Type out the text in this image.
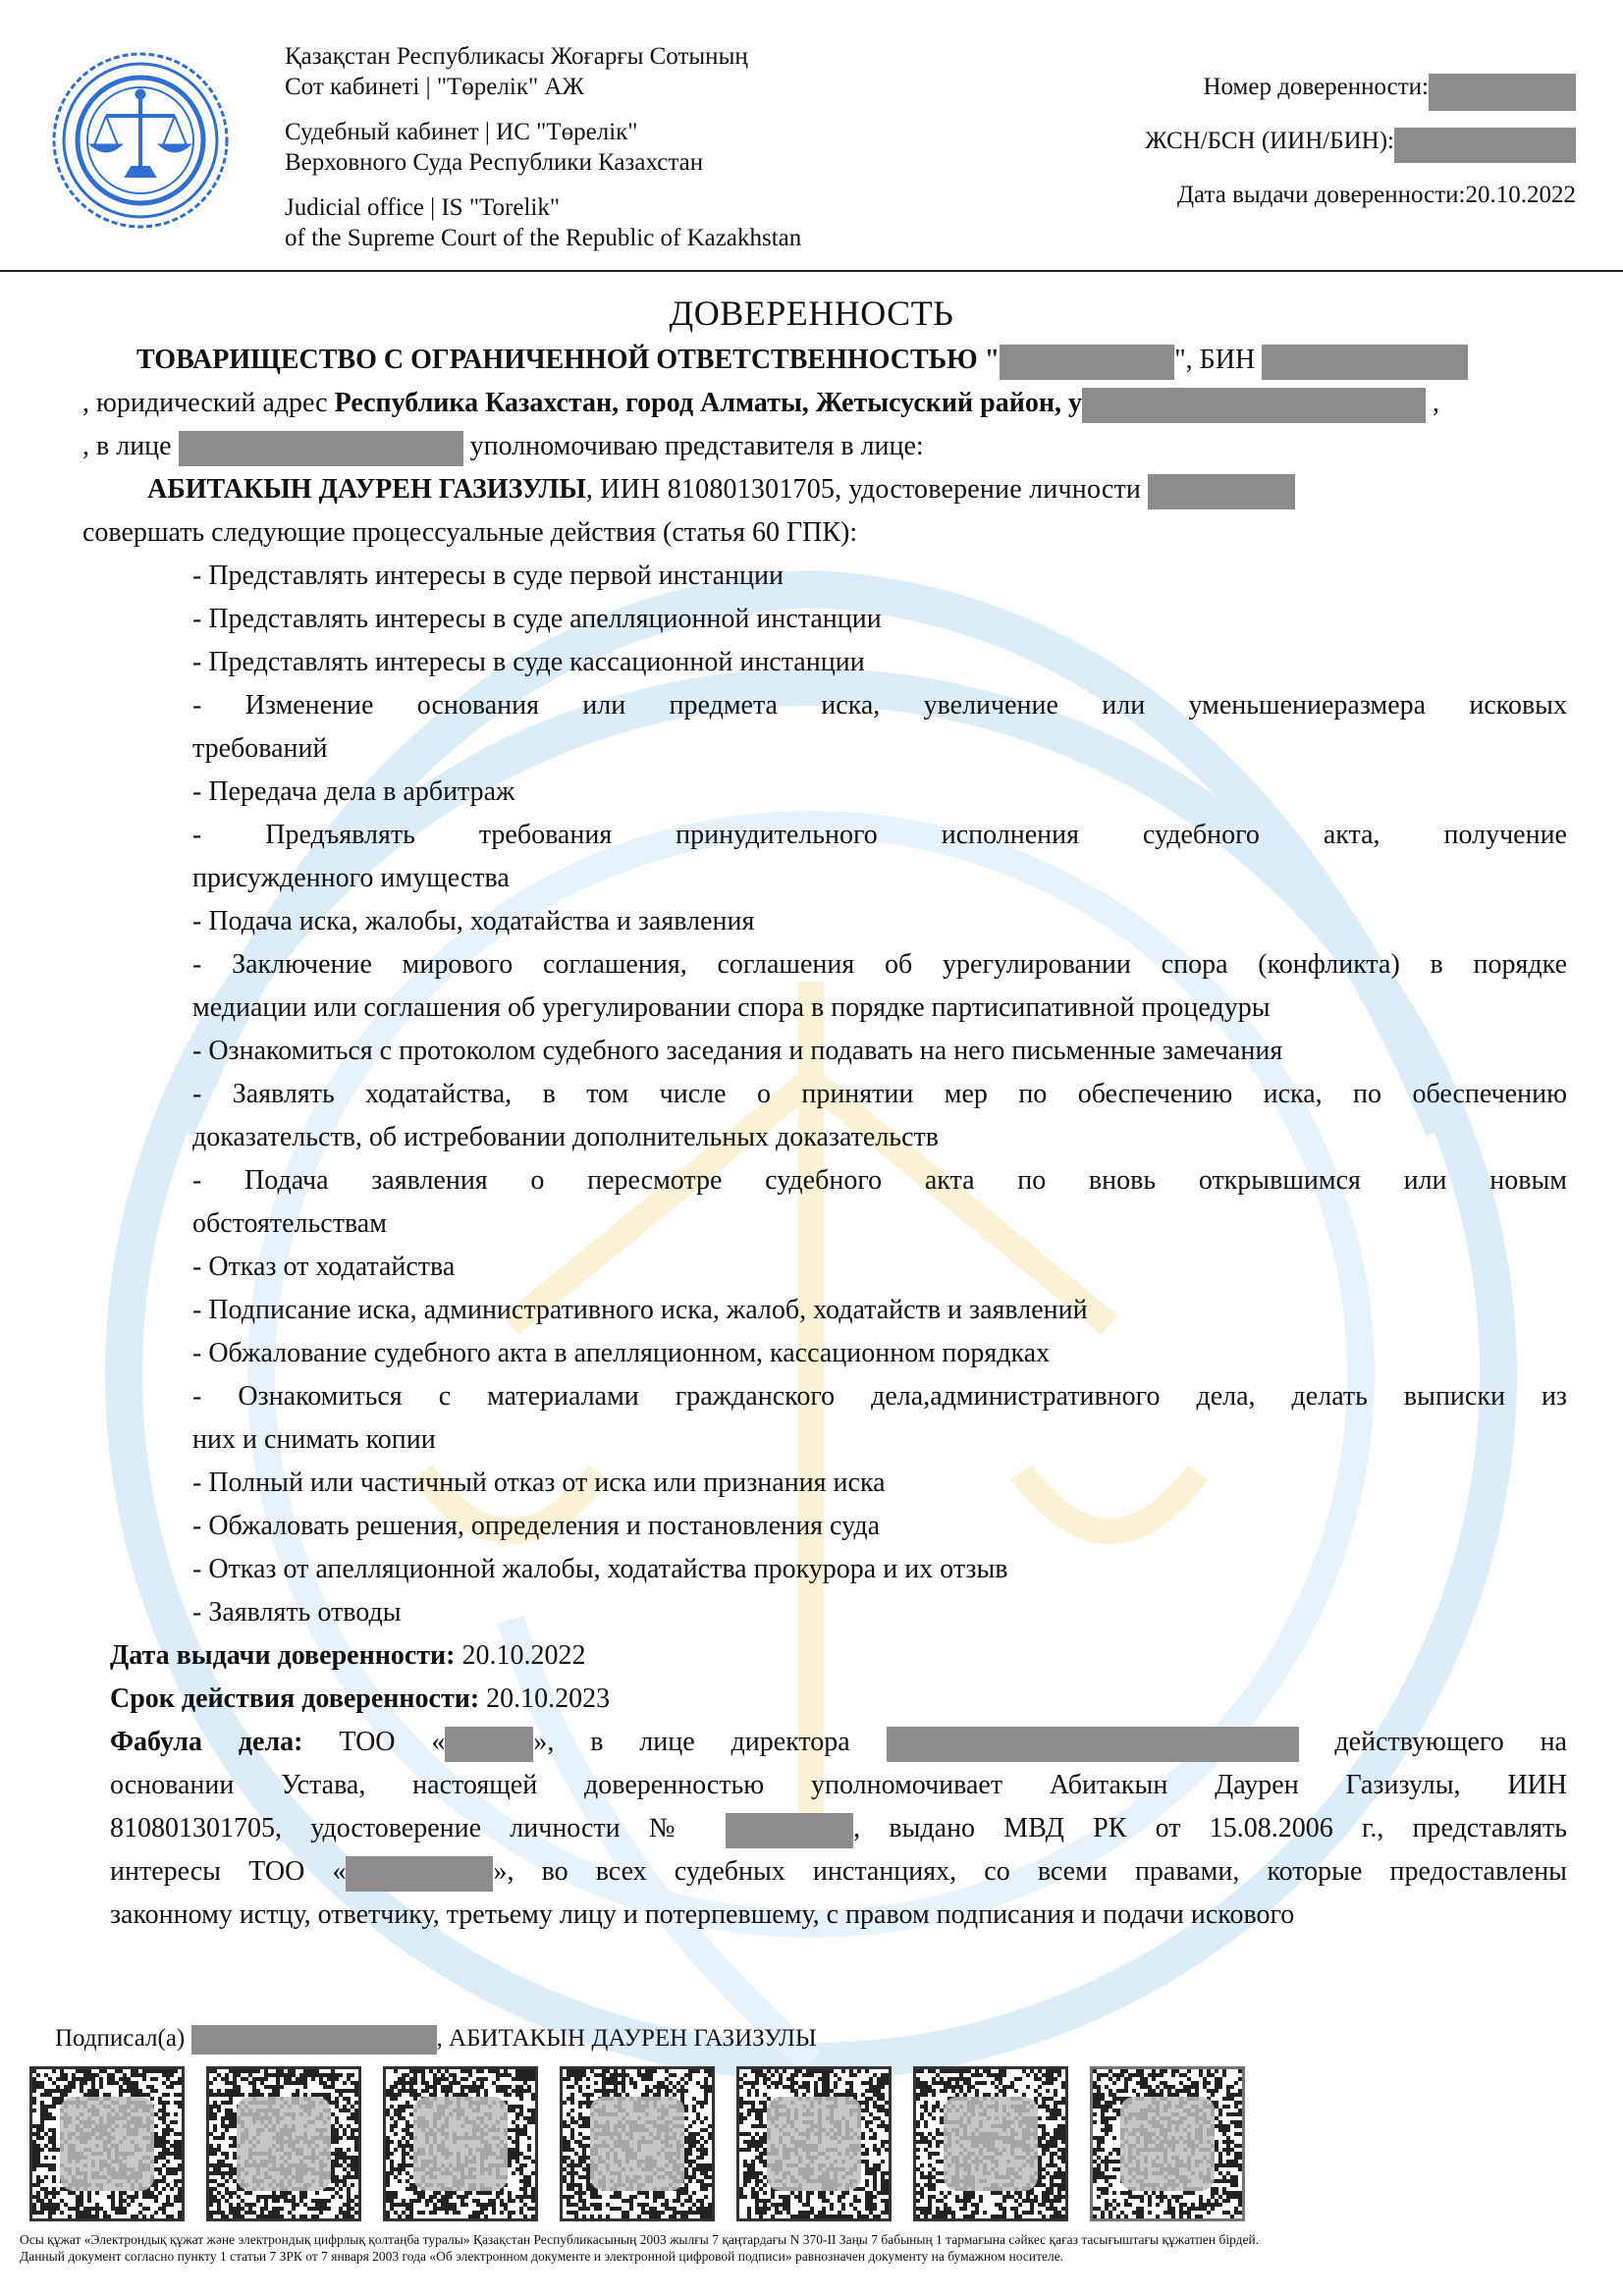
Қазақстан Республикасы Жоғарғы Сотының
Сот кабинеті | "Төрелік" АЖ
Судебный кабинет | ИС "Төрелік"
Верховного Суда Республики Казахстан
Judicial office | IS "Torelik"
of the Supreme Court of the Republic of Kazakhstan
Номер доверенности:
ЖСН/БСН (ИИН/БИН):
Дата выдачи доверенности: 20.10.2022
ДОВЕРЕННОСТЬ
ТОВАРИЩЕСТВО С ОГРАНИЧЕННОЙ ОТВЕТСТВЕННОСТЬЮ "	", БИН
, юридический адрес Республика Казахстан, город Алматы, Жетысуский район, у	,
, в лице	уполномочиваю представителя в лице:
АБИТАКЫН ДАУРЕН ГАЗИЗУЛЫ, ИИН 810801301705, удостоверение личности
совершать следующие процессуальные действия (статья 60 ГПК):
- Представлять интересы в суде первой инстанции
- Представлять интересы в суде апелляционной инстанции
- Представлять интересы в суде кассационной инстанции
- Изменение основания или предмета иска, увеличение или уменьшениеразмера исковых
требований
- Передача дела в арбитраж
- Предъявлять требования принудительного исполнения судебного акта, получение
присужденного имущества
- Подача иска, жалобы, ходатайства и заявления
- Заключение мирового соглашения, соглашения об урегулировании спора (конфликта) в порядке
медиации или соглашения об урегулировании спора в порядке партисипативной процедуры
- Ознакомиться с протоколом судебного заседания и подавать на него письменные замечания
- Заявлять ходатайства, в том числе о принятии мер по обеспечению иска, по обеспечению
доказательств, об истребовании дополнительных доказательств
- Подача заявления о пересмотре судебного акта по вновь открывшимся или новым
обстоятельствам
- Отказ от ходатайства
- Подписание иска, административного иска, жалоб, ходатайств и заявлений
- Обжалование судебного акта в апелляционном, кассационном порядках
- Ознакомиться с материалами гражданского дела,административного дела, делать выписки из
них и снимать копии
- Полный или частичный отказ от иска или признания иска
- Обжаловать решения, определения и постановления суда
- Отказ от апелляционной жалобы, ходатайства прокурора и их отзыв
- Заявлять отводы
Дата выдачи доверенности: 20.10.2022
Срок действия доверенности: 20.10.2023
Фабула дела: ТОО «	», в лице директора	действующего на
основании Устава, настоящей доверенностью уполномочивает Абитакын Даурен Газизулы, ИИН
810801301705, удостоверение личности №	, выдано МВД РК от 15.08.2006 г., представлять
интересы ТОО «	», во всех судебных инстанциях, со всеми правами, которые предоставлены
законному истцу, ответчику, третьему лицу и потерпевшему, с правом подписания и подачи искового
Подписал(а)	, АБИТАКЫН ДАУРЕН ГАЗИЗУЛЫ
Осы құжат «Электрондық құжат және электрондық цифрлық қолтаңба туралы» Қазақстан Республикасының 2003 жылғы 7 қаңтардағы N 370-II Заңы 7 бабының 1 тармағына сәйкес қағаз тасығыштағы құжатпен бірдей.
Данный документ согласно пункту 1 статьи 7 ЗРК от 7 января 2003 года «Об электронном документе и электронной цифровой подписи» равнозначен документу на бумажном носителе.
